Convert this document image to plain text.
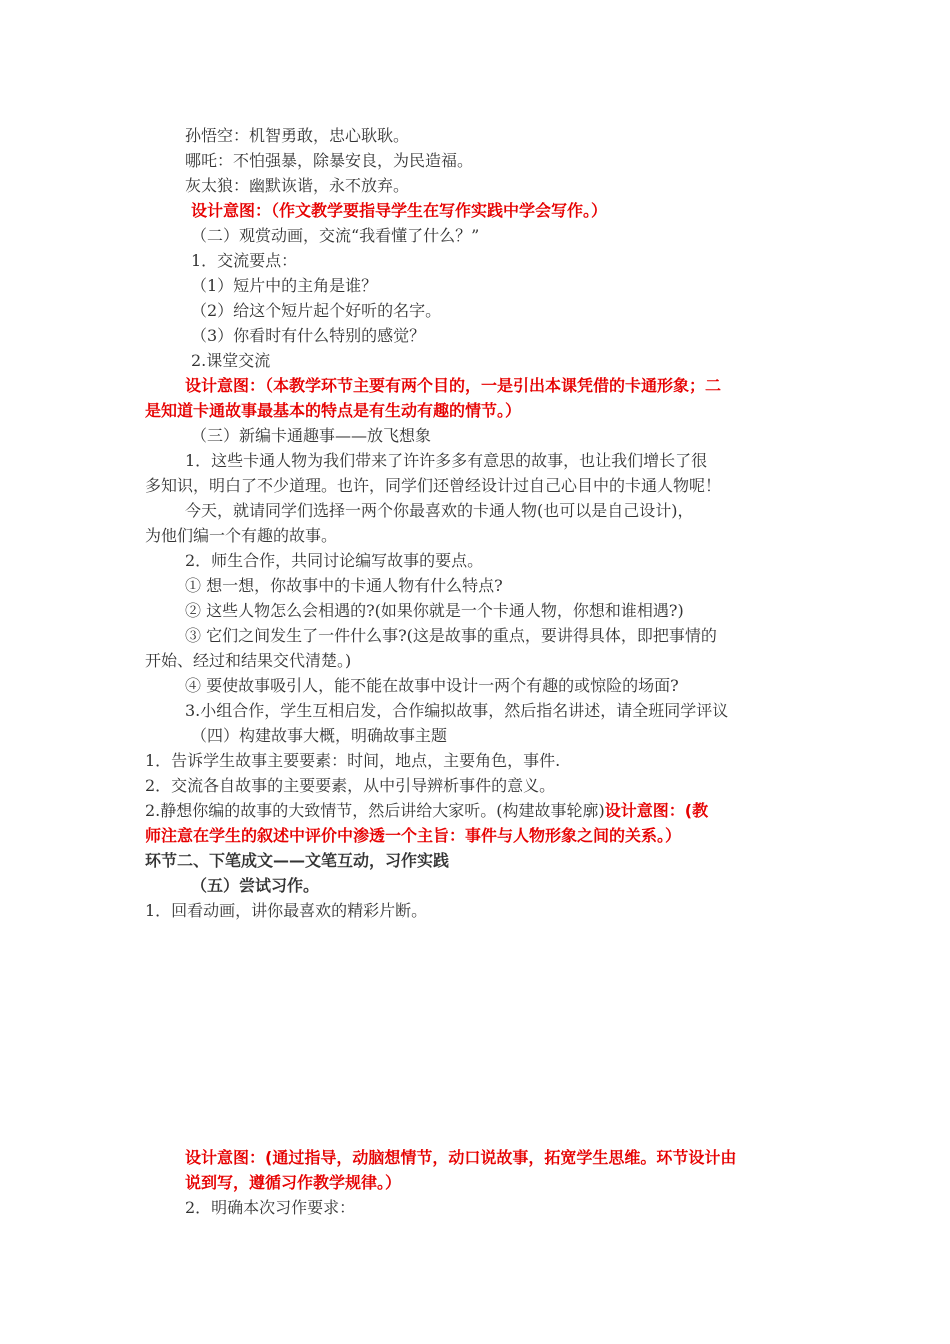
孙悟空：机智勇敢，忠心耿耿。
哪吒：不怕强暴，除暴安良，为民造福。
灰太狼：幽默诙谐，永不放弃。
设计意图：（作文教学要指导学生在写作实践中学会写作。）
（二）观赏动画，交流“我看懂了什么？”
1．交流要点：
（1）短片中的主角是谁？
（2）给这个短片起个好听的名字。
（3）你看时有什么特别的感觉？
2.课堂交流
设计意图：（本教学环节主要有两个目的，一是引出本课凭借的卡通形象；二
是知道卡通故事最基本的特点是有生动有趣的情节。）
（三）新编卡通趣事——放飞想象
1．这些卡通人物为我们带来了许许多多有意思的故事，也让我们增长了很
多知识，明白了不少道理。也许，同学们还曾经设计过自己心目中的卡通人物呢！
今天，就请同学们选择一两个你最喜欢的卡通人物(也可以是自己设计)，
为他们编一个有趣的故事。
2．师生合作，共同讨论编写故事的要点。
① 想一想，你故事中的卡通人物有什么特点?
② 这些人物怎么会相遇的?(如果你就是一个卡通人物，你想和谁相遇?)
③ 它们之间发生了一件什么事?(这是故事的重点，要讲得具体，即把事情的
开始、经过和结果交代清楚。)
④ 要使故事吸引人，能不能在故事中设计一两个有趣的或惊险的场面?
3.小组合作，学生互相启发，合作编拟故事，然后指名讲述，请全班同学评议
（四）构建故事大概，明确故事主题
1．告诉学生故事主要要素：时间，地点，主要角色，事件.
2．交流各自故事的主要要素，从中引导辨析事件的意义。
2.静想你编的故事的大致情节，然后讲给大家听。(构建故事轮廓)设计意图：(教
师注意在学生的叙述中评价中渗透一个主旨：事件与人物形象之间的关系。）
环节二、下笔成文——文笔互动，习作实践
（五）尝试习作。
1．回看动画，讲你最喜欢的精彩片断。
设计意图：(通过指导，动脑想情节，动口说故事，拓宽学生思维。环节设计由
说到写，遵循习作教学规律。）
2．明确本次习作要求：
